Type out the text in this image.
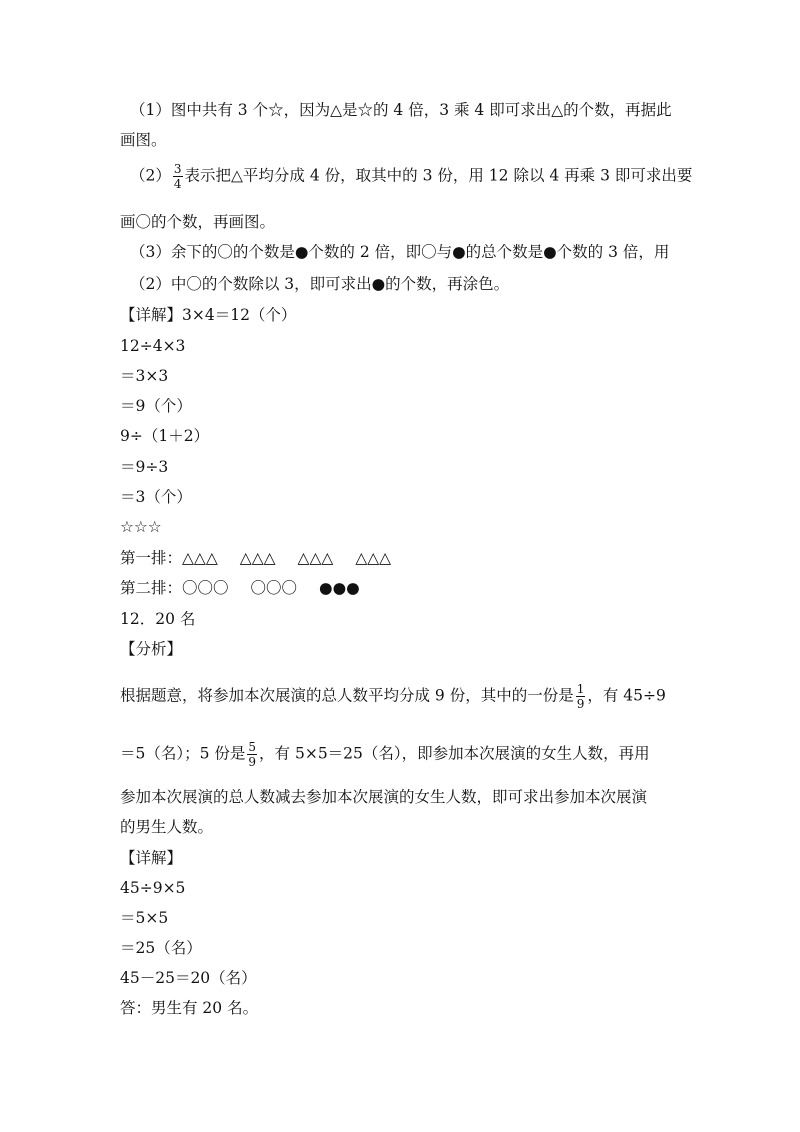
（1）图中共有 3 个☆，因为△是☆的 4 倍，3 乘 4 即可求出△的个数，再据此
画图。
$(2) \frac{3}{4}$ 表示把△平均分成 4 份，取其中的 3 份，用 12 除以 4 再乘 3 即可求出要
画〇的个数，再画图。
（3）余下的〇的个数是●个数的 2 倍，即〇与●的总个数是●个数的 3 倍，用
（2）中〇的个数除以 3，即可求出●的个数，再涂色。
【详解】3×4＝12（个）
12÷4×3
＝3×3
＝9（个）
9÷（1＋2）
＝9÷3
＝3（个）
☆☆☆
第一排：△△△ △△△ △△△ △△△
第二排：〇〇〇 〇〇〇 ●●●
12．20 名
【分析】
根据题意，将参加本次展演的总人数平均分成 9 份，其中的一份是 $\frac{1}{9}$ ，有 45÷9
＝5（名）；5 份是 $\frac{5}{9}$ ，有 5×5＝25（名），即参加本次展演的女生人数，再用
参加本次展演的总人数减去参加本次展演的女生人数，即可求出参加本次展演
的男生人数。
【详解】
45÷9×5
＝5×5
＝25（名）
45－25＝20（名）
答：男生有 20 名。
